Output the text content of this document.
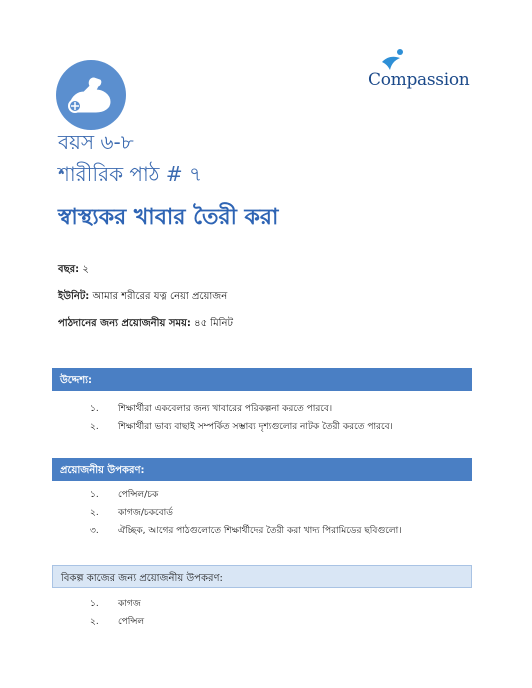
Compassion
বয়স ৬-৮
শারীরিক পাঠ # ৭
স্বাস্থ্যকর খাবার তৈরী করা
বছর: ২
ইউনিট: আমার শরীরের যত্ন নেয়া প্রয়োজন
পাঠদানের জন্য প্রয়োজনীয় সময়: ৪৫ মিনিট
উদ্দেশ্য:
১. শিক্ষার্থীরা একবেলার জন্য খাবারের পরিকল্পনা করতে পারবে।
২. শিক্ষার্থীরা ভাব্য বাছাই সম্পর্কিত সম্ভাব্য দৃশ্যগুলোর নাটক তৈরী করতে পারবে।
প্রয়োজনীয় উপকরণ:
১. পেন্সিল/চক
২. কাগজ/চকবোর্ড
৩. ঐচ্ছিক, আগের পাঠগুলোতে শিক্ষার্থীদের তৈরী করা খাদ্য পিরামিডের ছবিগুলো।
বিকল্প কাজের জন্য প্রয়োজনীয় উপকরণ:
১. কাগজ
২. পেন্সিল
